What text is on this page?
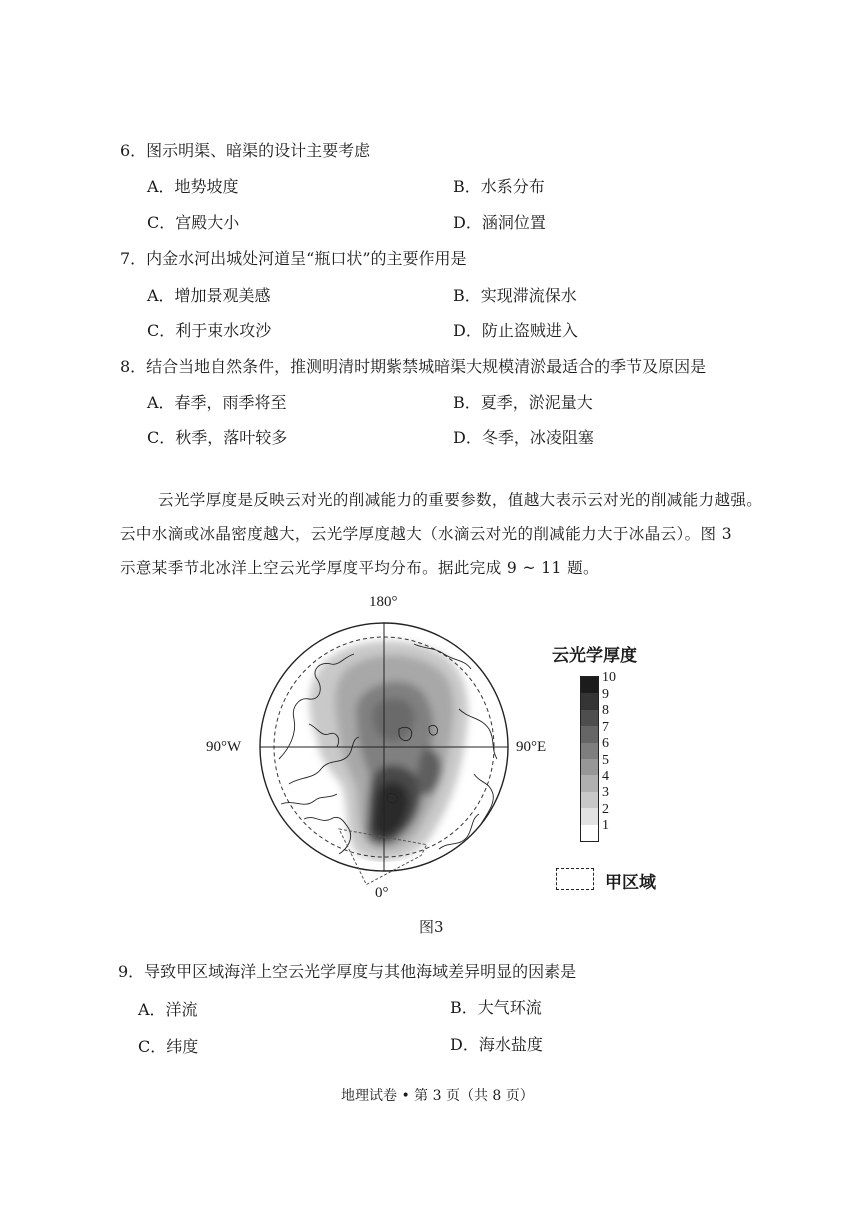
6．图示明渠、暗渠的设计主要考虑
A．地势坡度	B．水系分布
C．宫殿大小	D．涵洞位置
7．内金水河出城处河道呈“瓶口状”的主要作用是
A．增加景观美感	B．实现滞流保水
C．利于束水攻沙	D．防止盗贼进入
8．结合当地自然条件，推测明清时期紫禁城暗渠大规模清淤最适合的季节及原因是
A．春季，雨季将至	B．夏季，淤泥量大
C．秋季，落叶较多	D．冬季，冰凌阻塞
云光学厚度是反映云对光的削减能力的重要参数，值越大表示云对光的削减能力越强。
云中水滴或冰晶密度越大，云光学厚度越大（水滴云对光的削减能力大于冰晶云）。图 3
示意某季节北冰洋上空云光学厚度平均分布。据此完成 9 ~ 11 题。
180°
90°W	90°E
0°
云光学厚度
10
9
8
7
6
5
4
3
2
1
甲区域
图3
9．导致甲区域海洋上空云光学厚度与其他海域差异明显的因素是
A．洋流	B．大气环流
C．纬度	D．海水盐度
地理试卷 • 第 3 页（共 8 页）
